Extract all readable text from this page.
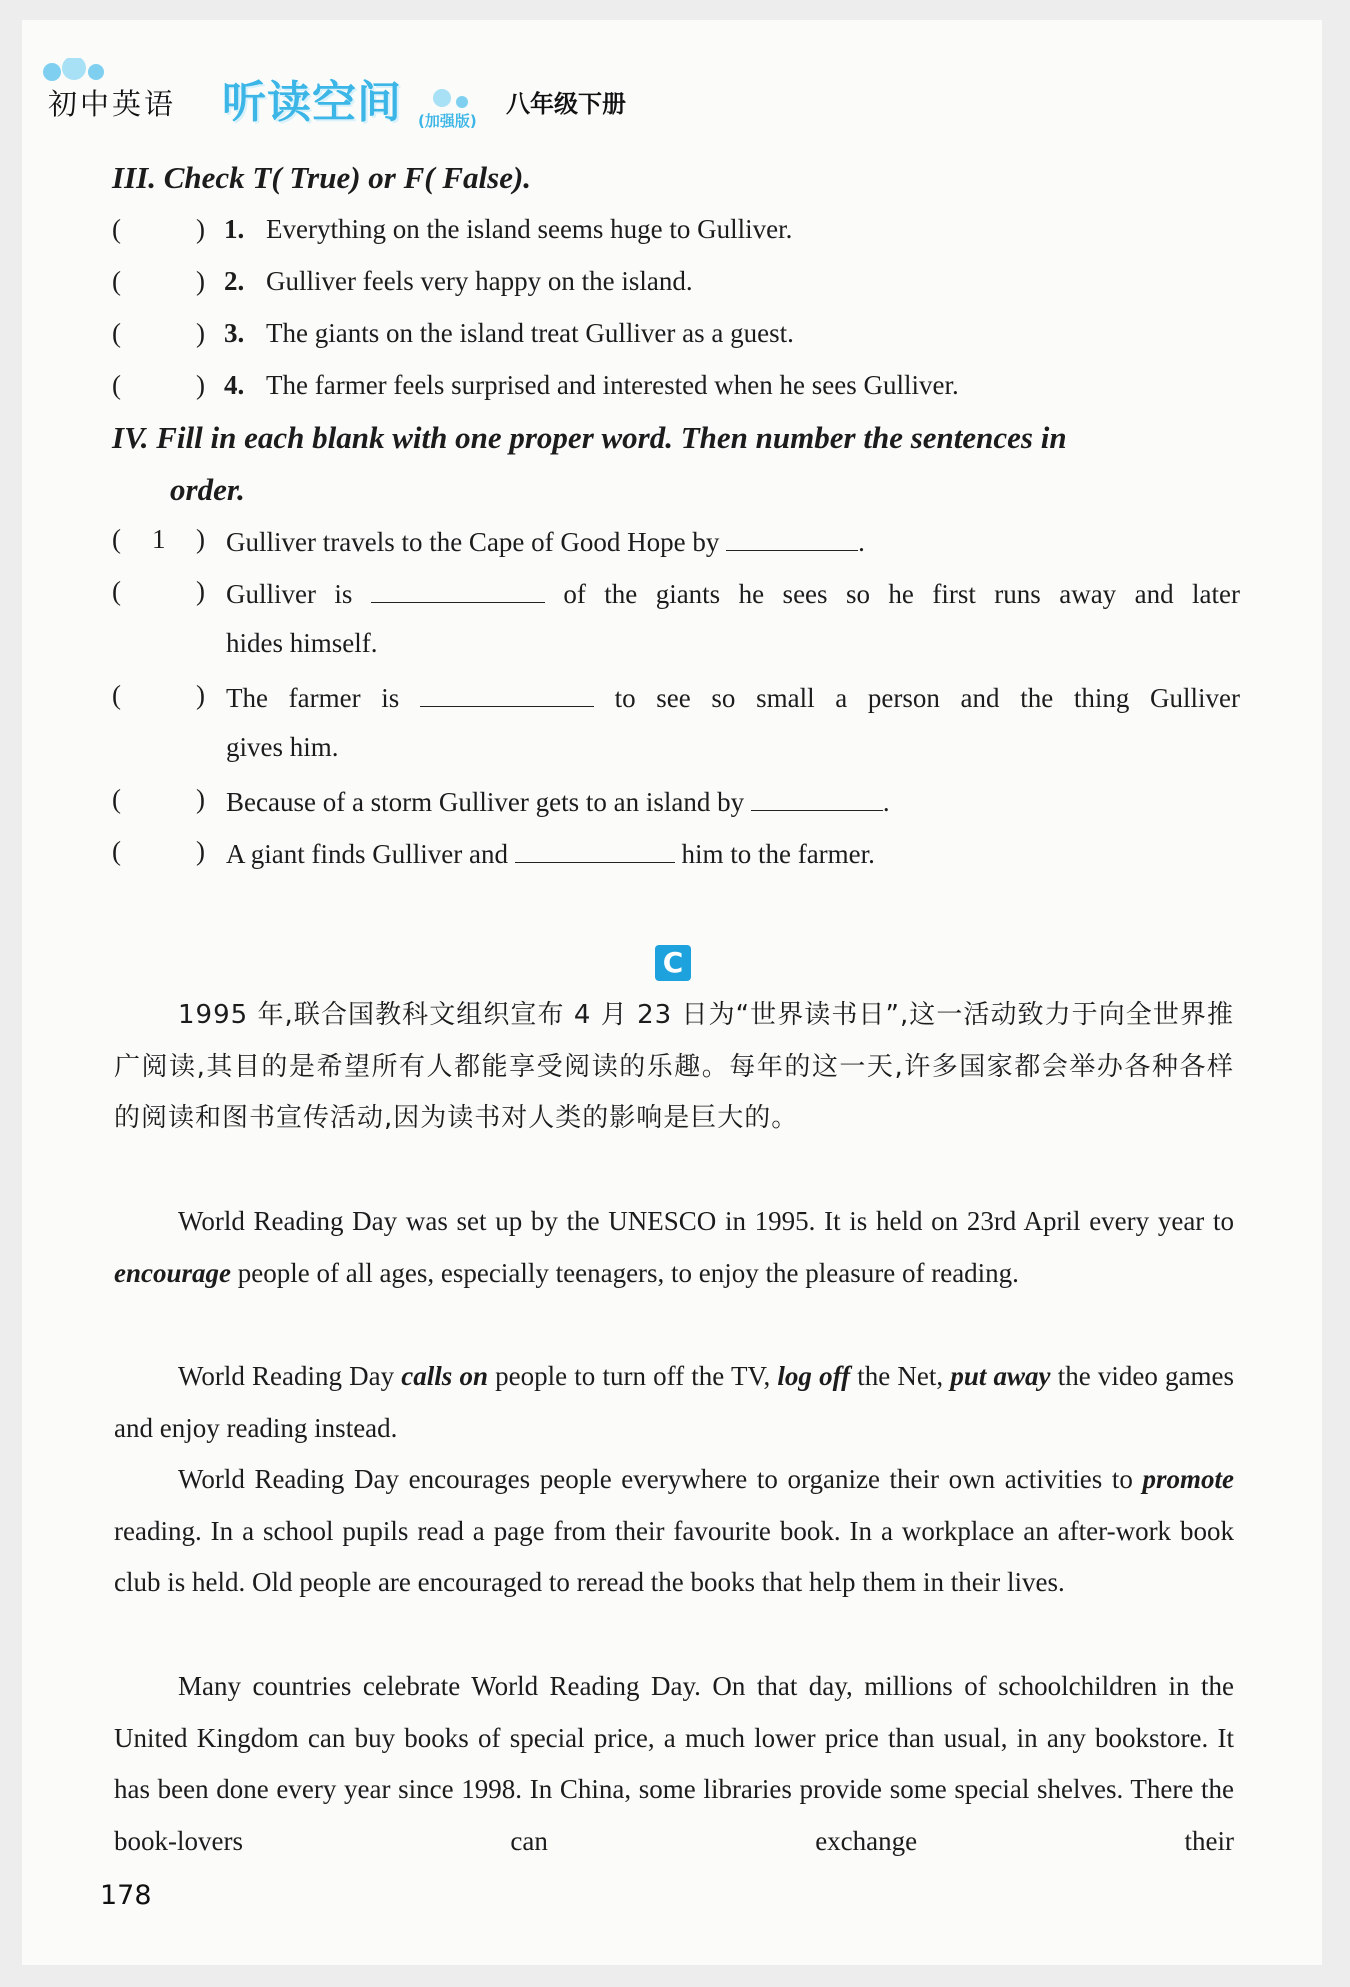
初中英语 听读空间 (加强版)
八年级下册
III. Check T( True) or F( False).
(	) 1. Everything on the island seems huge to Gulliver.
(	) 2. Gulliver feels very happy on the island.
(	) 3. The giants on the island treat Gulliver as a guest.
(	) 4. The farmer feels surprised and interested when he sees Gulliver.
IV. Fill in each blank with one proper word. Then number the sentences in
order.
( 1 ) Gulliver travels to the Cape of Good Hope by	.
(	) Gulliver is	of the giants he sees so he first runs away and later
hides himself.
(	) The farmer is	to see so small a person and the thing Gulliver
gives him.
(	) Because of a storm Gulliver gets to an island by	.
(	) A giant finds Gulliver and	him to the farmer.
C
1995 年,联合国教科文组织宣布 4 月 23 日为“世界读书日”,这一活动致力于向全世界推广阅读,其目的是希望所有人都能享受阅读的乐趣。每年的这一天,许多国家都会举办各种各样的阅读和图书宣传活动,因为读书对人类的影响是巨大的。
World Reading Day was set up by the UNESCO in 1995. It is held on 23rd April every year to encourage people of all ages, especially teenagers, to enjoy the pleasure of reading.
World Reading Day calls on people to turn off the TV, log off the Net, put away the video games and enjoy reading instead.
World Reading Day encourages people everywhere to organize their own activities to promote reading. In a school pupils read a page from their favourite book. In a workplace an after-work book club is held. Old people are encouraged to reread the books that help them in their lives.
Many countries celebrate World Reading Day. On that day, millions of schoolchildren in the United Kingdom can buy books of special price, a much lower price than usual, in any bookstore. It has been done every year since 1998. In China, some libraries provide some special shelves. There the book-lovers can exchange their
178
